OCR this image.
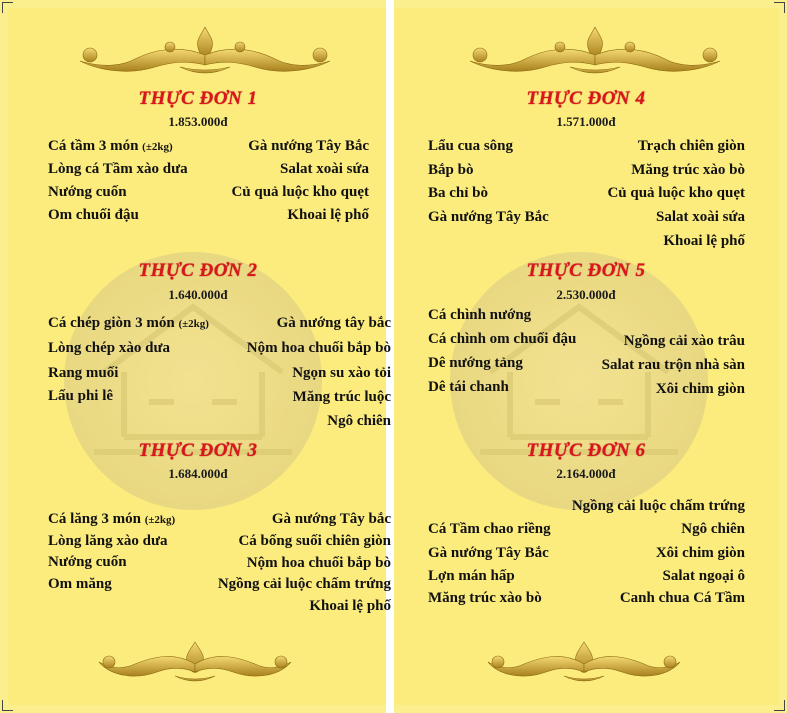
THỰC ĐƠN 1
1.853.000đ
Cá tầm 3 món (±2kg)
Lòng cá Tầm xào dưa
Nướng cuốn
Om chuối đậu
Gà nướng Tây Bắc
Salat xoài sứa
Củ quả luộc kho quẹt
Khoai lệ phố
THỰC ĐƠN 2
1.640.000đ
Cá chép giòn 3 món (±2kg)
Lòng chép xào dưa
Rang muối
Lẩu phi lê
Gà nướng tây bắc
Nộm hoa chuối bắp bò
Ngọn su xào tỏi
Măng trúc luộc
Ngô chiên
THỰC ĐƠN 3
1.684.000đ
Cá lăng 3 món (±2kg)
Lòng lăng xào dưa
Nướng cuốn
Om măng
Gà nướng Tây bắc
Cá bống suối chiên giòn
Nộm hoa chuối bắp bò
Ngồng cải luộc chấm trứng
Khoai lệ phố
THỰC ĐƠN 4
1.571.000đ
Lẩu cua sông
Bắp bò
Ba chỉ bò
Gà nướng Tây Bắc
Trạch chiên giòn
Măng trúc xào bò
Củ quả luộc kho quẹt
Salat xoài sứa
Khoai lệ phố
THỰC ĐƠN 5
2.530.000đ
Cá chình nướng
Cá chình om chuối đậu
Dê nướng tảng
Dê tái chanh
Ngồng cải xào trâu
Salat rau trộn nhà sàn
Xôi chim giòn
THỰC ĐƠN 6
2.164.000đ
Ngồng cải luộc chấm trứng
Cá Tầm chao riềng
Gà nướng Tây Bắc
Lợn mán hấp
Măng trúc xào bò
Ngô chiên
Xôi chim giòn
Salat ngoại ô
Canh chua Cá Tầm
